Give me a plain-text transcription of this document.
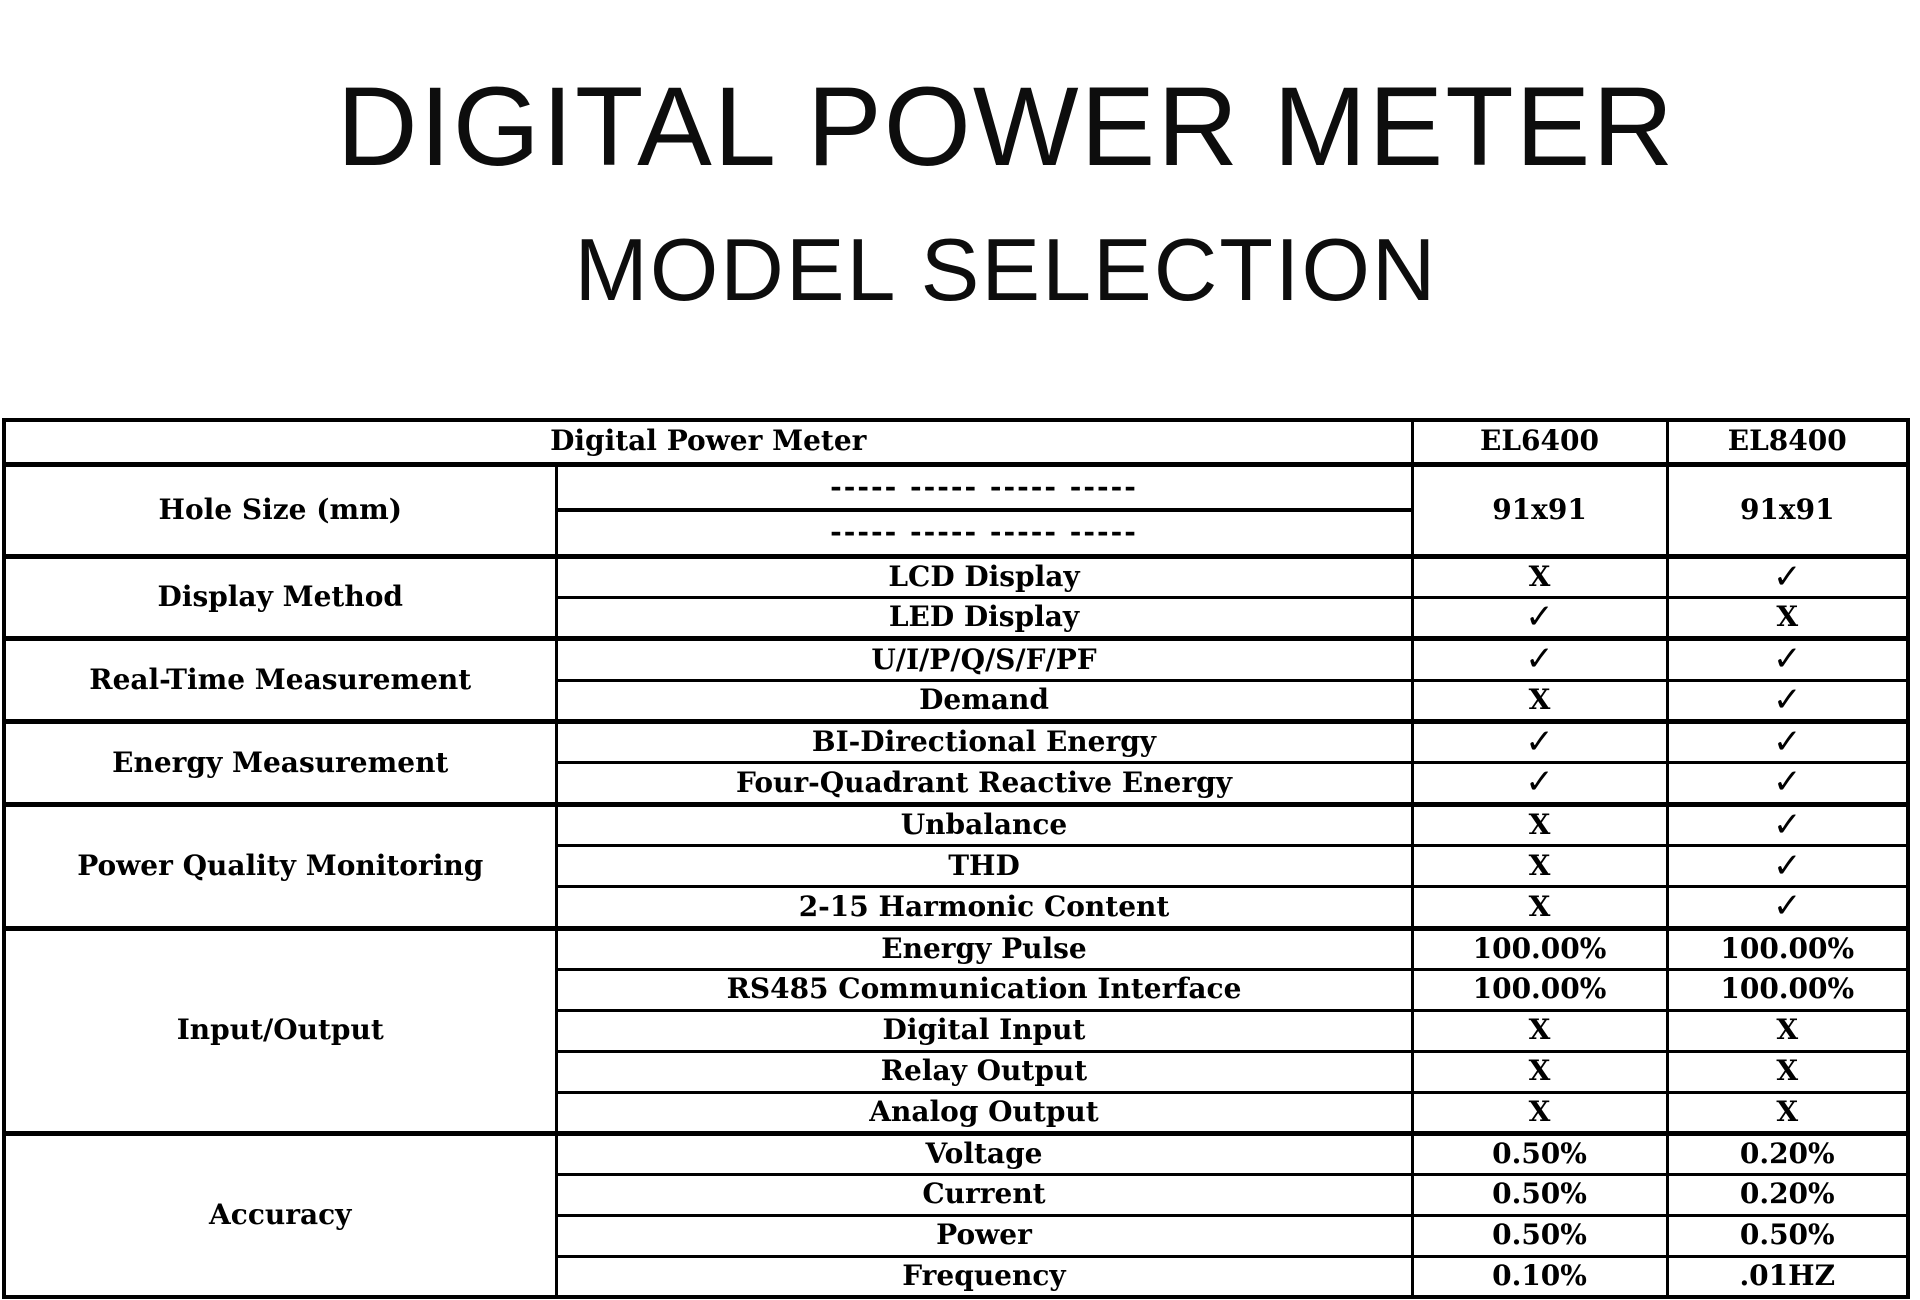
DIGITAL POWER METER
MODEL SELECTION
Digital Power Meter		EL6400	EL8400
Hole Size (mm)	----- ----- ----- -----	91x91	91x91
	----- ----- ----- -----		
Display Method	LCD Display	X	✓
	LED Display	✓	X
Real-Time Measurement	U/I/P/Q/S/F/PF	✓	✓
	Demand	X	✓
Energy Measurement	BI-Directional Energy	✓	✓
	Four-Quadrant Reactive Energy	✓	✓
Power Quality Monitoring	Unbalance	X	✓
	THD	X	✓
	2-15 Harmonic Content	X	✓
Input/Output	Energy Pulse	100.00%	100.00%
	RS485 Communication Interface	100.00%	100.00%
	Digital Input	X	X
	Relay Output	X	X
	Analog Output	X	X
Accuracy	Voltage	0.50%	0.20%
	Current	0.50%	0.20%
	Power	0.50%	0.50%
	Frequency	0.10%	.01HZ
